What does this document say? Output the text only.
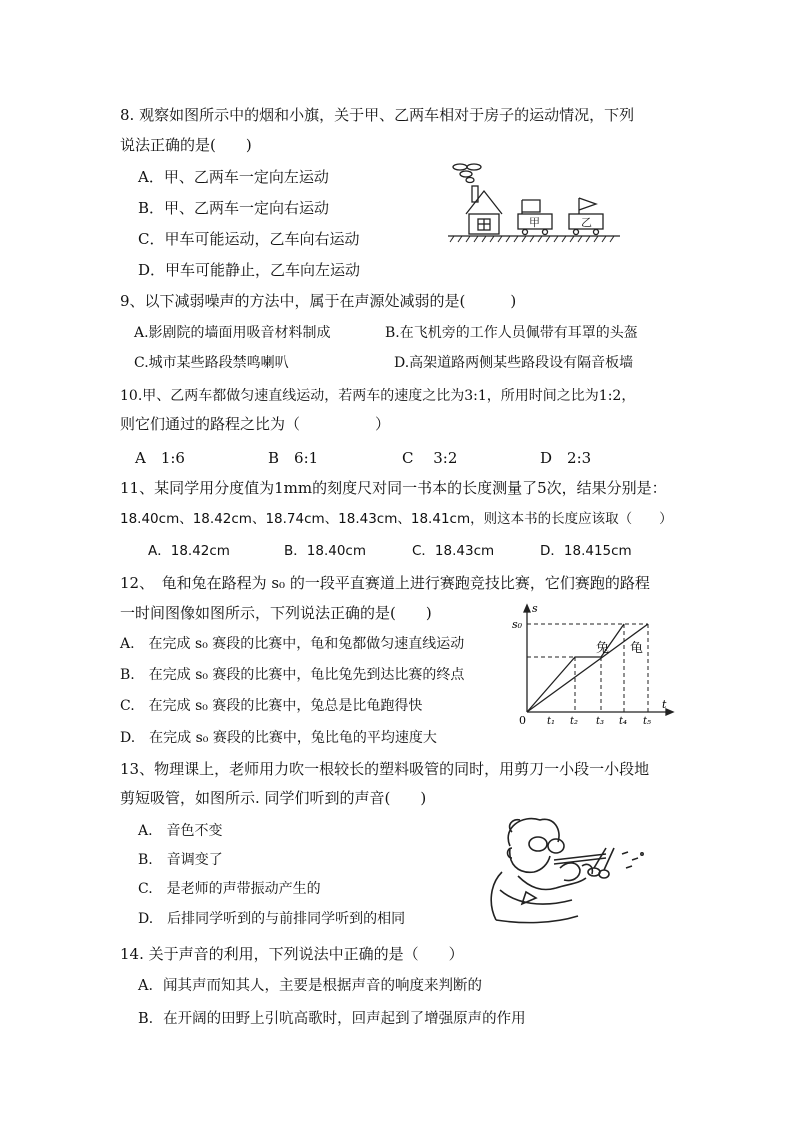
8. 观察如图所示中的烟和小旗，关于甲、乙两车相对于房子的运动情况，下列
说法正确的是(　　)
A．甲、乙两车一定向左运动
B．甲、乙两车一定向右运动
C．甲车可能运动，乙车向右运动
D．甲车可能静止，乙车向左运动
甲	乙
9、以下减弱噪声的方法中，属于在声源处减弱的是(　　　)
A.影剧院的墙面用吸音材料制成	B.在飞机旁的工作人员佩带有耳罩的头盔
C.城市某些路段禁鸣喇叭	D.高架道路两侧某些路段设有隔音板墙
10.甲、乙两车都做匀速直线运动，若两车的速度之比为3:1，所用时间之比为1:2，
则它们通过的路程之比为（　　　　　）
A　1:6	B　6:1	C　 3:2	D　2:3
11、某同学用分度值为1mm的刻度尺对同一书本的长度测量了5次，结果分别是：
18.40cm、18.42cm、18.74cm、18.43cm、18.41cm，则这本书的长度应该取（　　）
A．18.42cm	B．18.40cm	C．18.43cm	D．18.415cm
12、　龟和兔在路程为 s₀ 的一段平直赛道上进行赛跑竞技比赛，它们赛跑的路程
一时间图像如图所示，下列说法正确的是(　　)
A.　在完成 s₀ 赛段的比赛中，龟和兔都做匀速直线运动
B.　在完成 s₀ 赛段的比赛中，龟比兔先到达比赛的终点
C.　在完成 s₀ 赛段的比赛中，兔总是比龟跑得快
D.　在完成 s₀ 赛段的比赛中，兔比龟的平均速度大
s
s₀
0
t
t₁ t₂ t₃ t₄ t₅
兔 龟
13、物理课上，老师用力吹一根较长的塑料吸管的同时，用剪刀一小段一小段地
剪短吸管，如图所示. 同学们听到的声音(　　)
A.　音色不变
B.　音调变了
C.　是老师的声带振动产生的
D.　后排同学听到的与前排同学听到的相同
14. 关于声音的利用，下列说法中正确的是（　　）
A．闻其声而知其人，主要是根据声音的响度来判断的
B．在开阔的田野上引吭高歌时，回声起到了增强原声的作用
